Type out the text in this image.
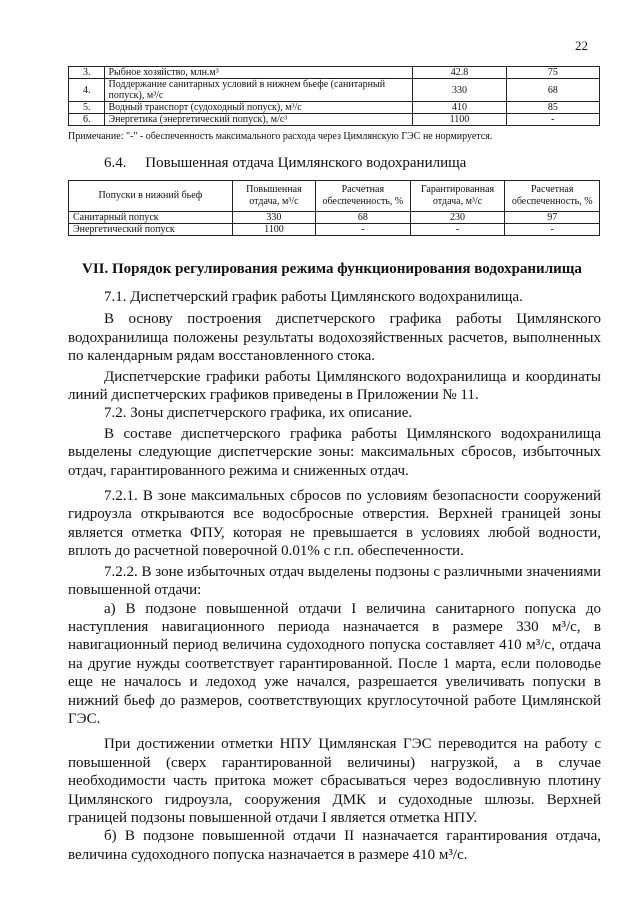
22
3.	Рыбное хозяйство, млн.м³	42.8	75
4.	Поддержание санитарных условий в нижнем бьефе (санитарный попуск), м³/с	330	68
5.	Водный транспорт (судоходный попуск), м³/с	410	85
6.	Энергетика (энергетический попуск), м/с³	1100	-
Примечание: "-" - обеспеченность максимального расхода через Цимлянскую ГЭС не нормируется.
6.4. Повышенная отдача Цимлянского водохранилища
Попуски в нижний бьеф	Повышенная отдача, м³/с	Расчетная обеспеченность, %	Гарантированная отдача, м³/с	Расчетная обеспеченность, %
Санитарный попуск	330	68	230	97
Энергетический попуск	1100	-	-	-
VII. Порядок регулирования режима функционирования водохранилища

7.1. Диспетчерский график работы Цимлянского водохранилища.

В основу построения диспетчерского графика работы Цимлянского водохранилища положены результаты водохозяйственных расчетов, выполненных по календарным рядам восстановленного стока.

Диспетчерские графики работы Цимлянского водохранилища и координаты линий диспетчерских графиков приведены в Приложении № 11.

7.2. Зоны диспетчерского графика, их описание.

В составе диспетчерского графика работы Цимлянского водохранилища выделены следующие диспетчерские зоны: максимальных сбросов, избыточных отдач, гарантированного режима и сниженных отдач.

7.2.1. В зоне максимальных сбросов по условиям безопасности сооружений гидроузла открываются все водосбросные отверстия. Верхней границей зоны является отметка ФПУ, которая не превышается в условиях любой водности, вплоть до расчетной поверочной 0.01% с г.п. обеспеченности.

7.2.2. В зоне избыточных отдач выделены подзоны с различными значениями повышенной отдачи:

а) В подзоне повышенной отдачи I величина санитарного попуска до наступления навигационного периода назначается в размере 330 м³/с, в навигационный период величина судоходного попуска составляет 410 м³/с, отдача на другие нужды соответствует гарантированной. После 1 марта, если половодье еще не началось и ледоход уже начался, разрешается увеличивать попуски в нижний бьеф до размеров, соответствующих круглосуточной работе Цимлянской ГЭС.

При достижении отметки НПУ Цимлянская ГЭС переводится на работу с повышенной (сверх гарантированной величины) нагрузкой, а в случае необходимости часть притока может сбрасываться через водосливную плотину Цимлянского гидроузла, сооружения ДМК и судоходные шлюзы. Верхней границей подзоны повышенной отдачи I является отметка НПУ.

б) В подзоне повышенной отдачи II назначается гарантирования отдача, величина судоходного попуска назначается в размере 410 м³/с.
